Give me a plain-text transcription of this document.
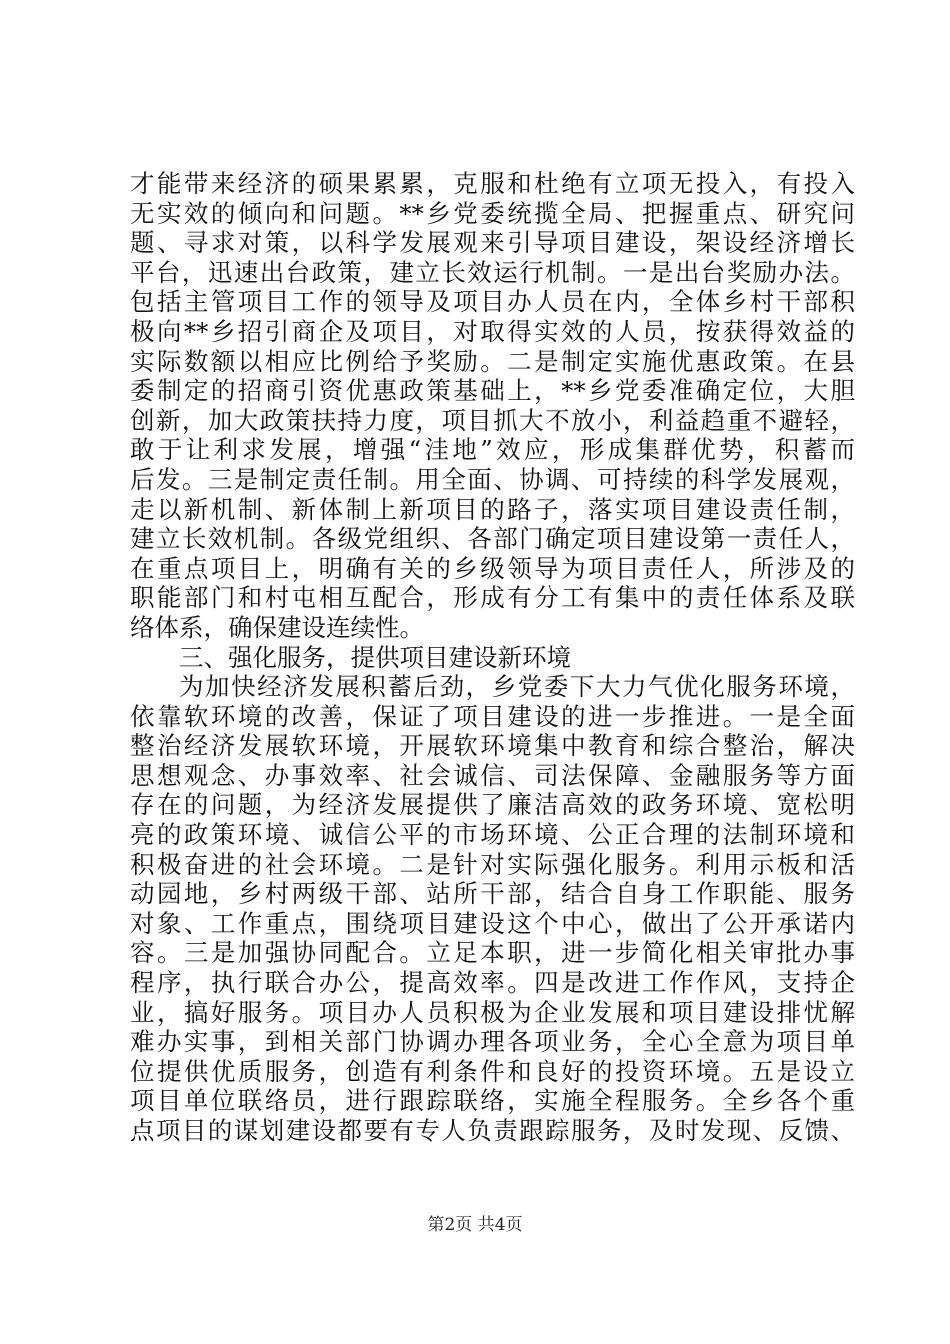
才能带来经济的硕果累累，克服和杜绝有立项无投入，有投入
无实效的倾向和问题。**乡党委统揽全局、把握重点、研究问
题、寻求对策，以科学发展观来引导项目建设，架设经济增长
平台，迅速出台政策，建立长效运行机制。一是出台奖励办法。
包括主管项目工作的领导及项目办人员在内，全体乡村干部积
极向**乡招引商企及项目，对取得实效的人员，按获得效益的
实际数额以相应比例给予奖励。二是制定实施优惠政策。在县
委制定的招商引资优惠政策基础上，**乡党委准确定位，大胆
创新，加大政策扶持力度，项目抓大不放小，利益趋重不避轻，
敢于让利求发展，增强“洼地”效应，形成集群优势，积蓄而
后发。三是制定责任制。用全面、协调、可持续的科学发展观，
走以新机制、新体制上新项目的路子，落实项目建设责任制，
建立长效机制。各级党组织、各部门确定项目建设第一责任人，
在重点项目上，明确有关的乡级领导为项目责任人，所涉及的
职能部门和村屯相互配合，形成有分工有集中的责任体系及联
络体系，确保建设连续性。
三、强化服务，提供项目建设新环境
为加快经济发展积蓄后劲，乡党委下大力气优化服务环境，
依靠软环境的改善，保证了项目建设的进一步推进。一是全面
整治经济发展软环境，开展软环境集中教育和综合整治，解决
思想观念、办事效率、社会诚信、司法保障、金融服务等方面
存在的问题，为经济发展提供了廉洁高效的政务环境、宽松明
亮的政策环境、诚信公平的市场环境、公正合理的法制环境和
积极奋进的社会环境。二是针对实际强化服务。利用示板和活
动园地，乡村两级干部、站所干部，结合自身工作职能、服务
对象、工作重点，围绕项目建设这个中心，做出了公开承诺内
容。三是加强协同配合。立足本职，进一步简化相关审批办事
程序，执行联合办公，提高效率。四是改进工作作风，支持企
业，搞好服务。项目办人员积极为企业发展和项目建设排忧解
难办实事，到相关部门协调办理各项业务，全心全意为项目单
位提供优质服务，创造有利条件和良好的投资环境。五是设立
项目单位联络员，进行跟踪联络，实施全程服务。全乡各个重
点项目的谋划建设都要有专人负责跟踪服务，及时发现、反馈、
第2页 共4页
